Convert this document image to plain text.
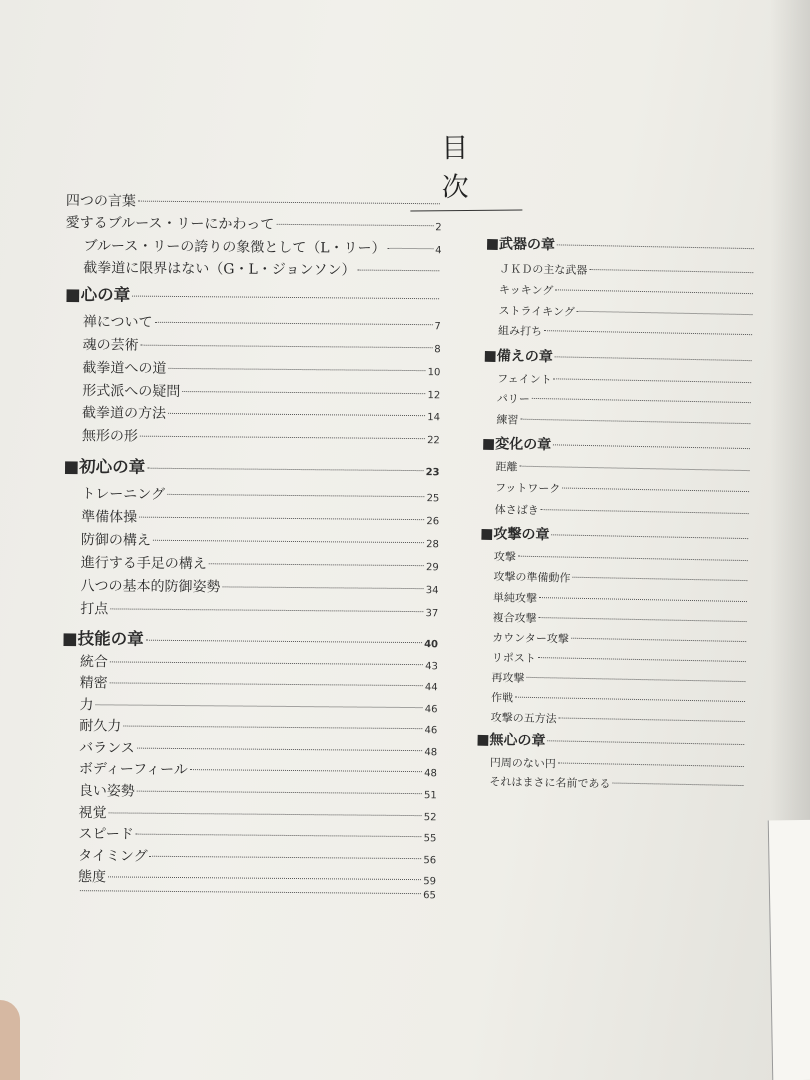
目　次
四つの言葉
愛するブルース・リーにかわって	2
ブルース・リーの誇りの象徴として（L・リー）	4
截拳道に限界はない（G・L・ジョンソン）
■心の章
禅について	7
魂の芸術	8
截拳道への道	10
形式派への疑問	12
截拳道の方法	14
無形の形	22
■初心の章	23
トレーニング	25
準備体操	26
防御の構え	28
進行する手足の構え	29
八つの基本的防御姿勢	34
打点	37
■技能の章	40
統合	43
精密	44
力	46
耐久力	46
バランス	48
ボディーフィール	48
良い姿勢	51
視覚	52
スピード	55
タイミング	56
態度	59
65
■武器の章
ＪＫＤの主な武器
キッキング
ストライキング
組み打ち
■備えの章
フェイント
パリー
練習
■変化の章
距離
フットワーク
体さばき
■攻撃の章
攻撃
攻撃の準備動作
単純攻撃
複合攻撃
カウンター攻撃
リポスト
再攻撃
作戦
攻撃の五方法
■無心の章
円周のない円
それはまさに名前である
